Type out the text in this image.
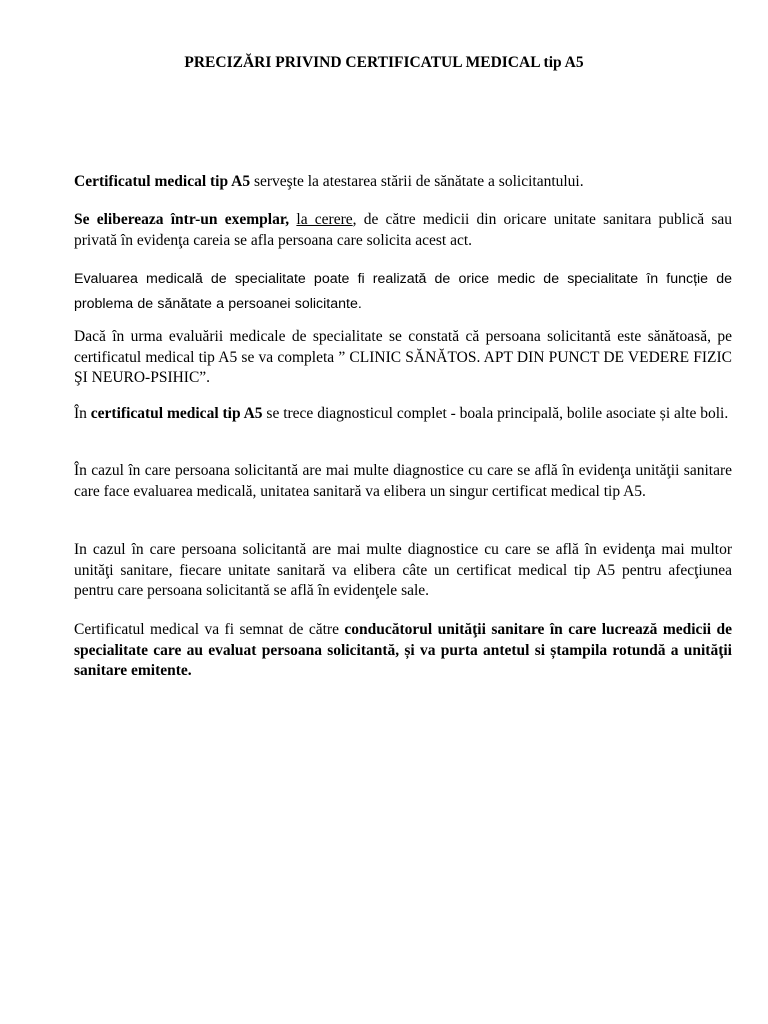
PRECIZĂRI PRIVIND CERTIFICATUL MEDICAL tip A5
Certificatul medical tip A5 serveşte la atestarea stării de sănătate a solicitantului.
Se elibereaza într-un exemplar, la cerere, de către medicii din oricare unitate sanitara publică sau privată în evidenţa careia se afla persoana care solicita acest act.
Evaluarea medicală de specialitate poate fi realizată de orice medic de specialitate în funcție de problema de sănătate a persoanei solicitante.
Dacă în urma evaluării medicale de specialitate se constată că persoana solicitantă este sănătoasă, pe certificatul medical tip A5 se va completa ” CLINIC SĂNĂTOS. APT DIN PUNCT DE VEDERE FIZIC ŞI NEURO-PSIHIC”.
În certificatul medical tip A5 se trece diagnosticul complet - boala principală, bolile asociate și alte boli.
În cazul în care persoana solicitantă are mai multe diagnostice cu care se află în evidenţa unităţii sanitare care face evaluarea medicală, unitatea sanitară va elibera un singur certificat medical tip A5.
In cazul în care persoana solicitantă are mai multe diagnostice cu care se află în evidenţa mai multor unităţi sanitare, fiecare unitate sanitară va elibera câte un certificat medical tip A5 pentru afecţiunea pentru care persoana solicitantă se află în evidenţele sale.
Certificatul medical va fi semnat de către conducătorul unităţii sanitare în care lucrează medicii de specialitate care au evaluat persoana solicitantă, și va purta antetul si ștampila rotundă a unităţii sanitare emitente.
